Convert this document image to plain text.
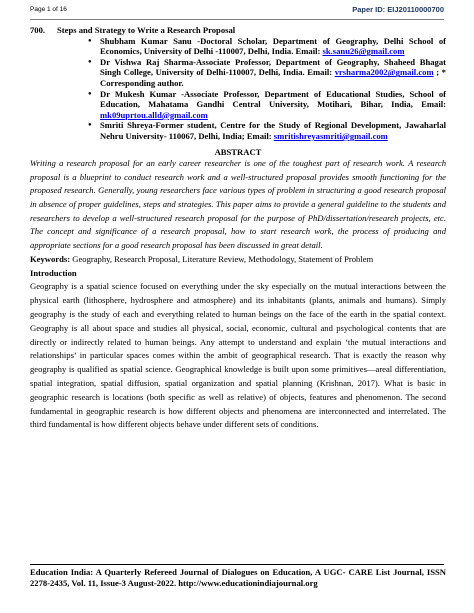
Page 1 of 16	Paper ID: EIJ20110000700

700. Steps and Strategy to Write a Research Proposal

● Shubham Kumar Sanu -Doctoral Scholar, Department of Geography, Delhi School of Economics, University of Delhi -110007, Delhi, India. Email: sk.sanu26@gmail.com
● Dr Vishwa Raj Sharma-Associate Professor, Department of Geography, Shaheed Bhagat Singh College, University of Delhi-110007, Delhi, India. Email: vrsharma2002@gmail.com ; * Corresponding author.
● Dr Mukesh Kumar -Associate Professor, Department of Educational Studies, School of Education, Mahatama Gandhi Central University, Motihari, Bihar, India, Email: mk09uprtou.alld@gmail.com
● Smriti Shreya-Former student, Centre for the Study of Regional Development, Jawaharlal Nehru University- 110067, Delhi, India; Email: smritishreyasmriti@gmail.com
ABSTRACT

Writing a research proposal for an early career researcher is one of the toughest part of research work. A research proposal is a blueprint to conduct research work and a well-structured proposal provides smooth functioning for the proposed research. Generally, young researchers face various types of problem in structuring a good research proposal in absence of proper guidelines, steps and strategies. This paper aims to provide a general guideline to the students and researchers to develop a well-structured research proposal for the purpose of PhD/dissertation/research projects, etc. The concept and significance of a research proposal, how to start research work, the process of producing and appropriate sections for a good research proposal has been discussed in great detail.

Keywords: Geography, Research Proposal, Literature Review, Methodology, Statement of Problem

Introduction

Geography is a spatial science focused on everything under the sky especially on the mutual interactions between the physical earth (lithosphere, hydrosphere and atmosphere) and its inhabitants (plants, animals and humans). Simply geography is the study of each and everything related to human beings on the face of the earth in the spatial context. Geography is all about space and studies all physical, social, economic, cultural and psychological contents that are directly or indirectly related to human beings. Any attempt to understand and explain ‘the mutual interactions and relationships’ in particular spaces comes within the ambit of geographical research. That is exactly the reason why geography is qualified as spatial science. Geographical knowledge is built upon some primitives—areal differentiation, spatial integration, spatial diffusion, spatial organization and spatial planning (Krishnan, 2017). What is basic in geographic research is locations (both specific as well as relative) of objects, features and phenomenon. The second fundamental in geographic research is how different objects and phenomena are interconnected and interrelated. The third fundamental is how different objects behave under different sets of conditions.

Education India: A Quarterly Refereed Journal of Dialogues on Education, A UGC- CARE List Journal, ISSN 2278-2435, Vol. 11, Issue-3 August-2022. http://www.educationindiajournal.org
